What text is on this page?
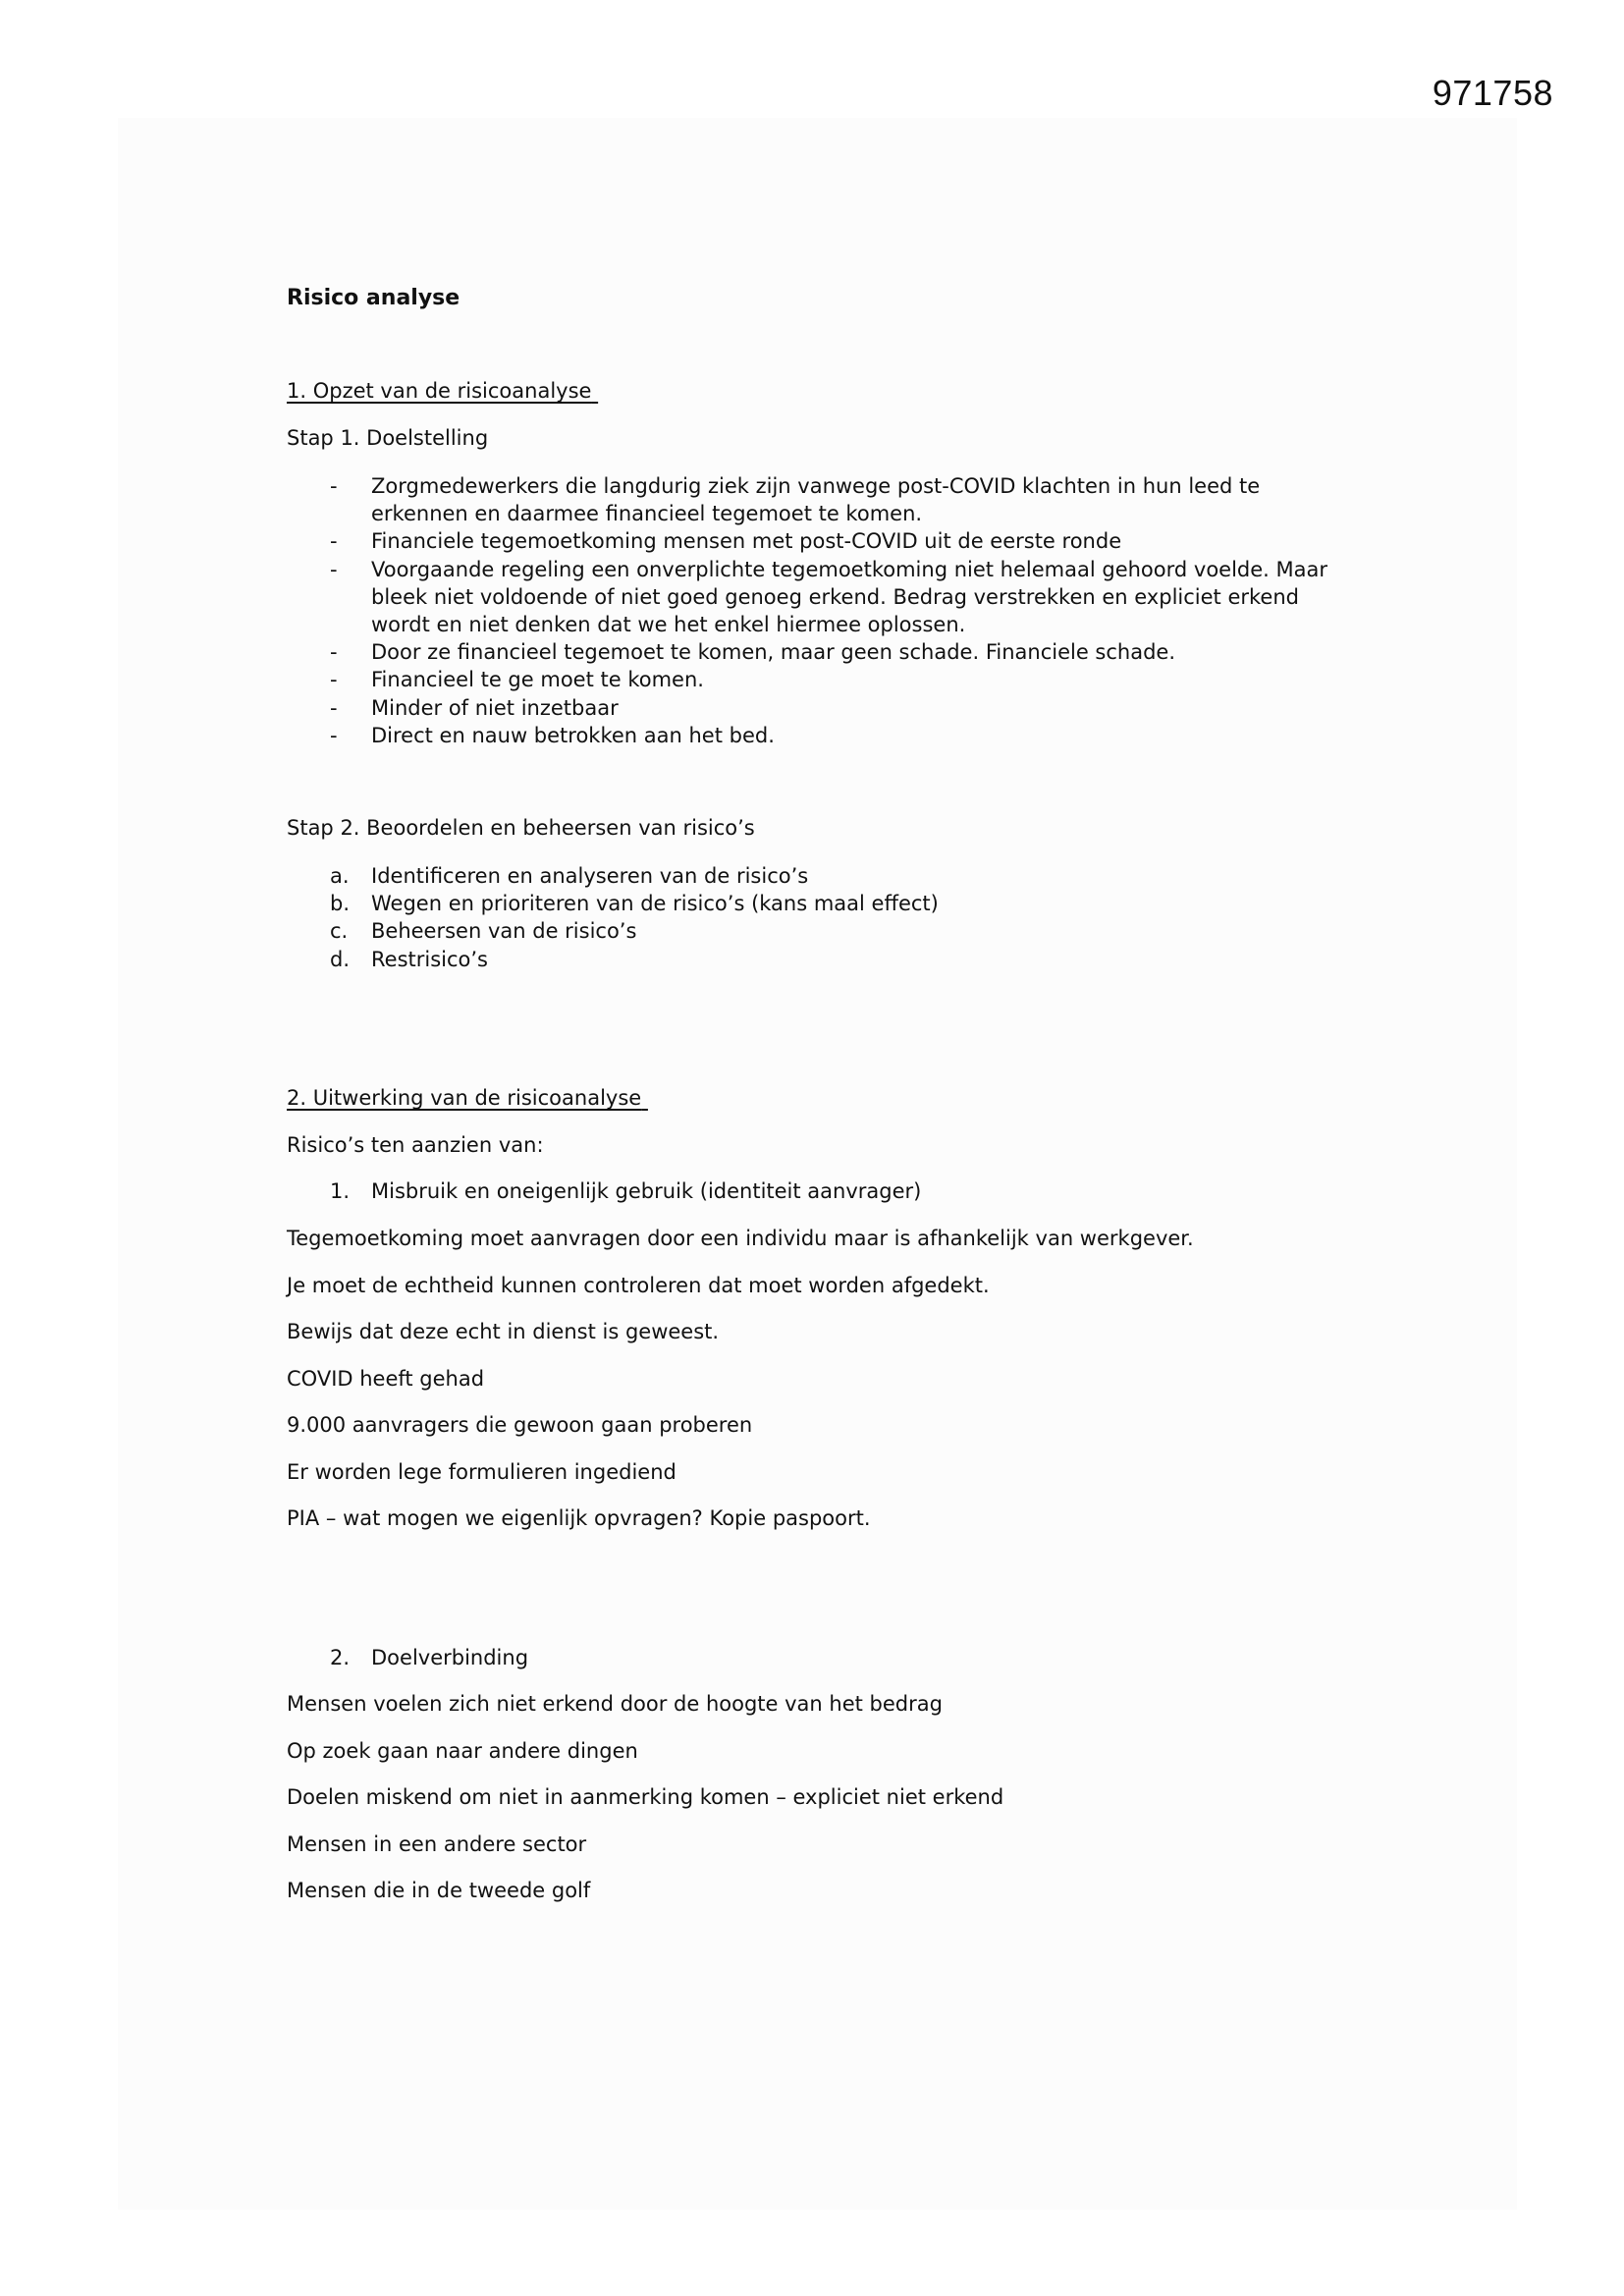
971758
Risico analyse
1. Opzet van de risicoanalyse
Stap 1. Doelstelling
- Zorgmedewerkers die langdurig ziek zijn vanwege post-COVID klachten in hun leed te erkennen en daarmee financieel tegemoet te komen.
- Financiele tegemoetkoming mensen met post-COVID uit de eerste ronde
- Voorgaande regeling een onverplichte tegemoetkoming niet helemaal gehoord voelde. Maar bleek niet voldoende of niet goed genoeg erkend. Bedrag verstrekken en expliciet erkend wordt en niet denken dat we het enkel hiermee oplossen.
- Door ze financieel tegemoet te komen, maar geen schade. Financiele schade.
- Financieel te ge moet te komen.
- Minder of niet inzetbaar
- Direct en nauw betrokken aan het bed.
Stap 2. Beoordelen en beheersen van risico’s
a. Identificeren en analyseren van de risico’s
b. Wegen en prioriteren van de risico’s (kans maal effect)
c. Beheersen van de risico’s
d. Restrisico’s
2. Uitwerking van de risicoanalyse
Risico’s ten aanzien van:
1. Misbruik en oneigenlijk gebruik (identiteit aanvrager)
Tegemoetkoming moet aanvragen door een individu maar is afhankelijk van werkgever.
Je moet de echtheid kunnen controleren dat moet worden afgedekt.
Bewijs dat deze echt in dienst is geweest.
COVID heeft gehad
9.000 aanvragers die gewoon gaan proberen
Er worden lege formulieren ingediend
PIA – wat mogen we eigenlijk opvragen? Kopie paspoort.
2. Doelverbinding
Mensen voelen zich niet erkend door de hoogte van het bedrag
Op zoek gaan naar andere dingen
Doelen miskend om niet in aanmerking komen – expliciet niet erkend
Mensen in een andere sector
Mensen die in de tweede golf
